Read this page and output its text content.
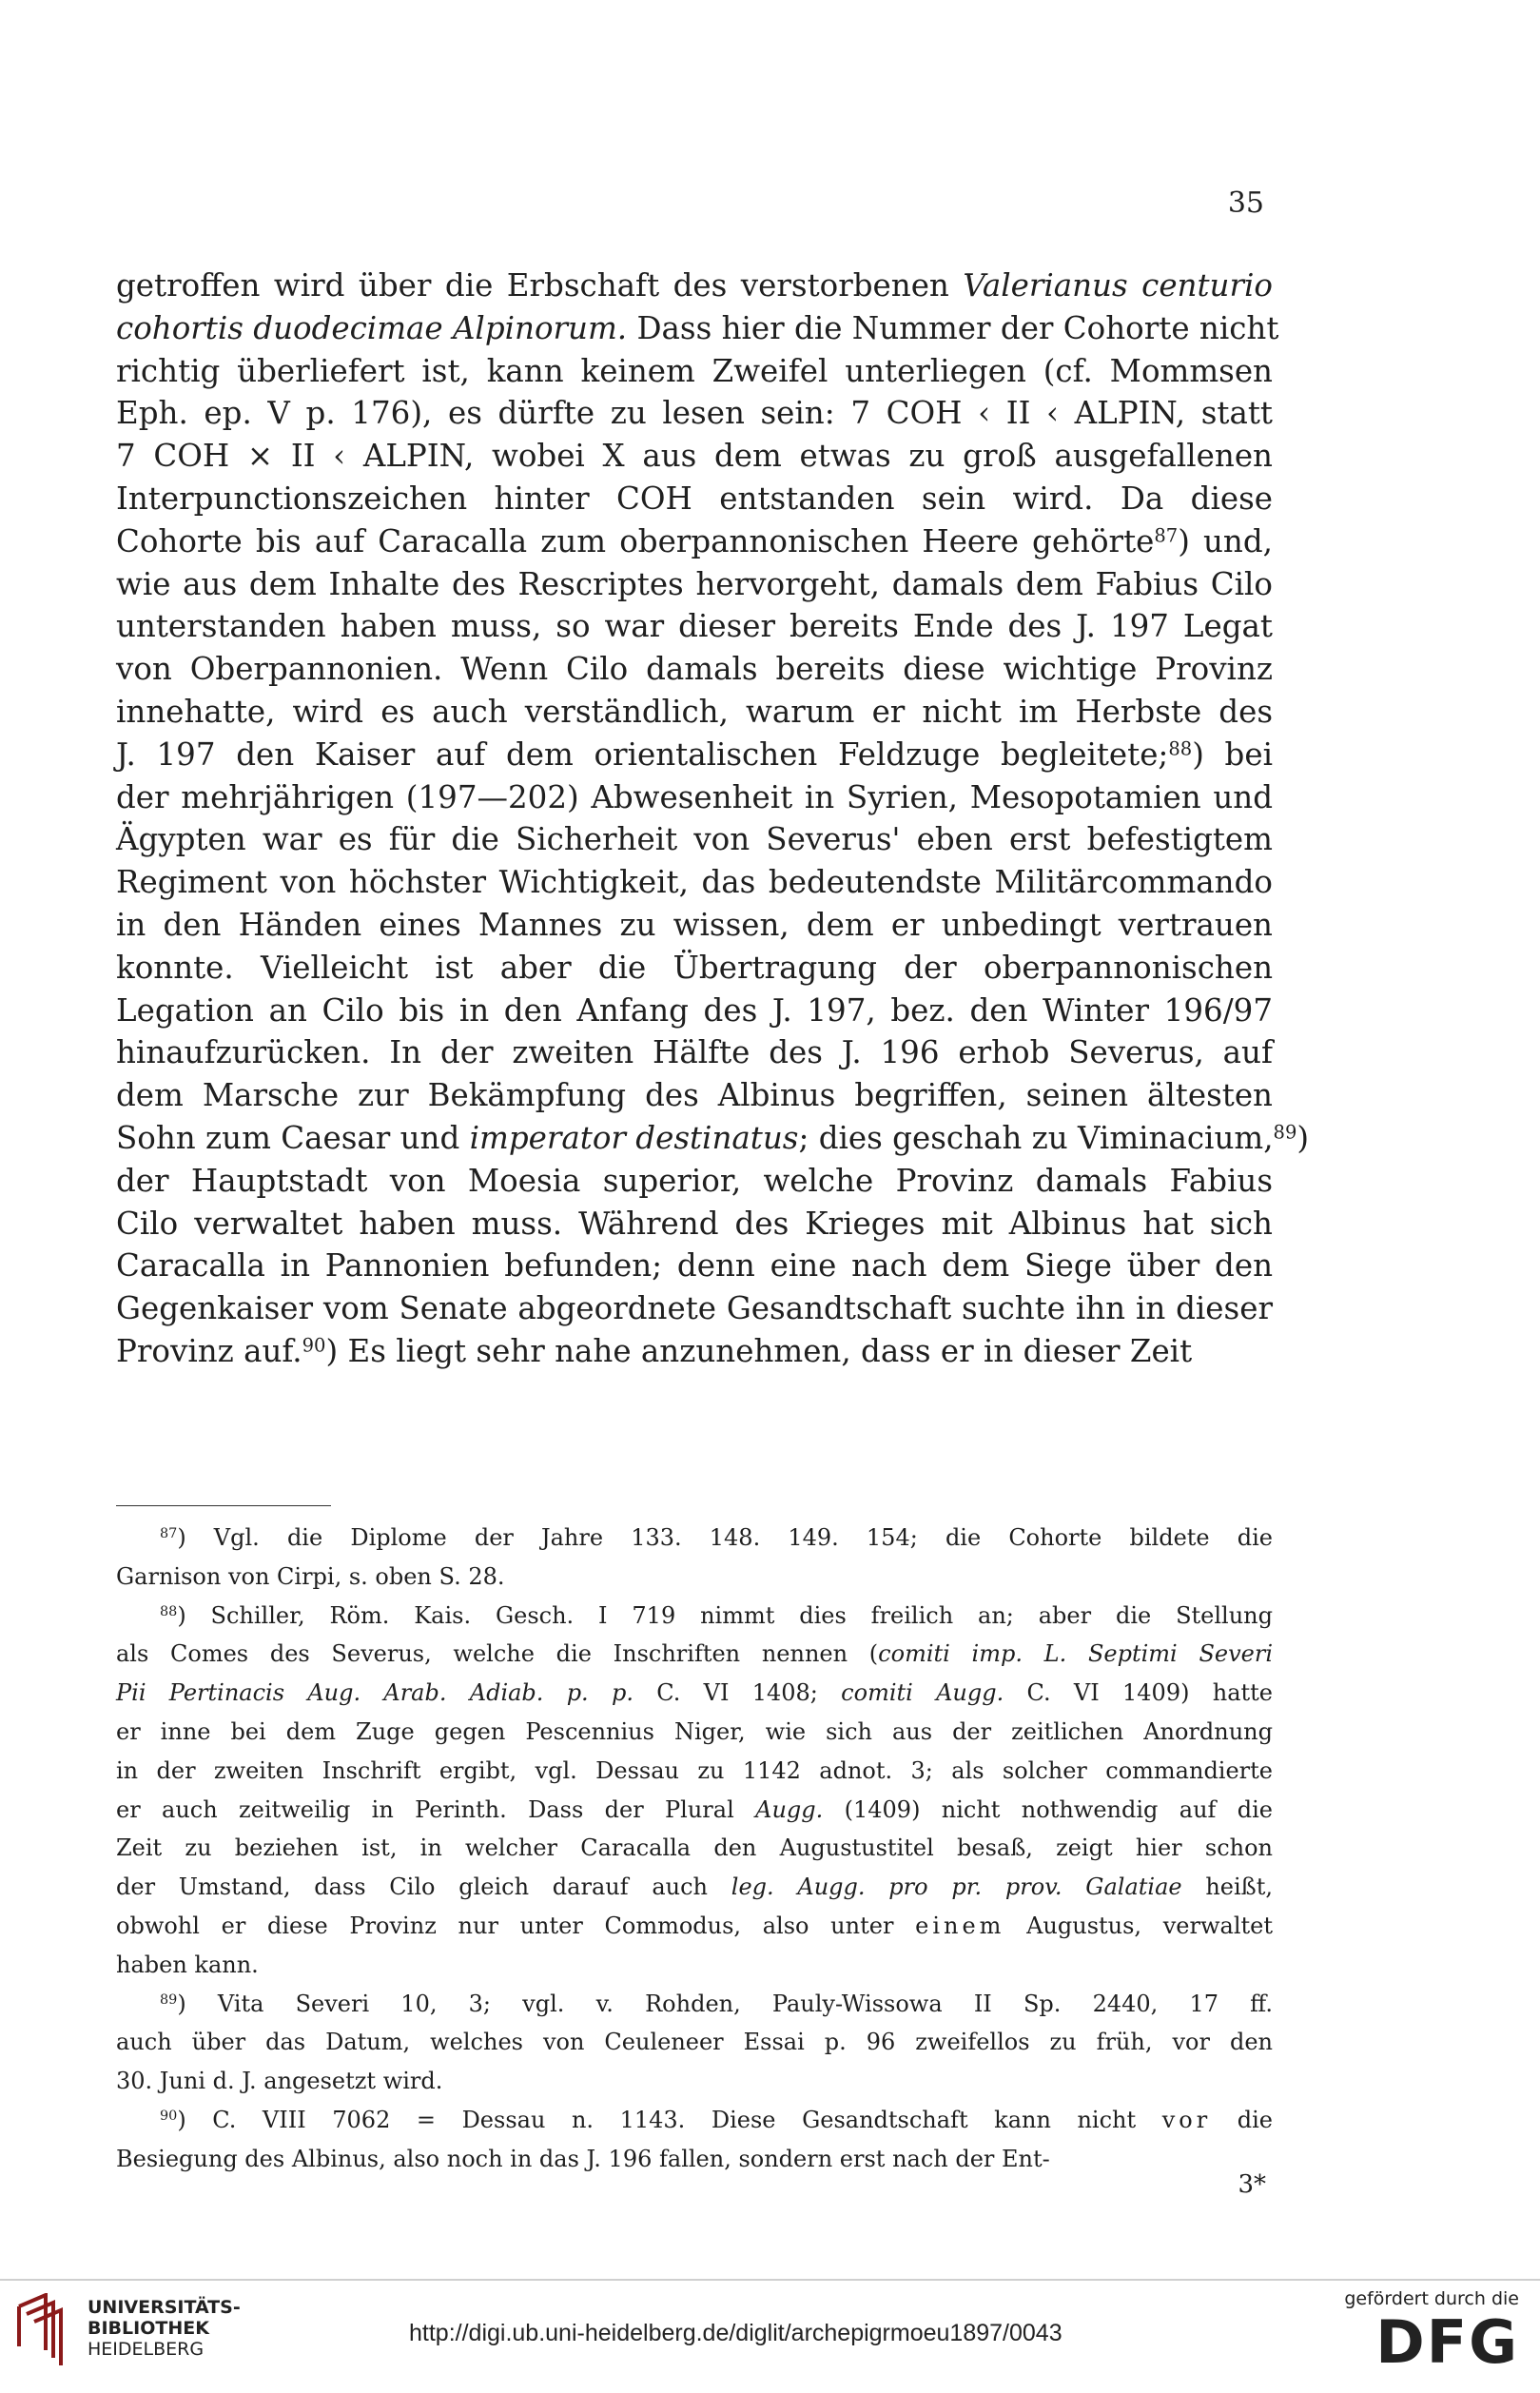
35
getroffen wird über die Erbschaft des verstorbenen Valerianus centurio
cohortis duodecimae Alpinorum. Dass hier die Nummer der Cohorte nicht
richtig überliefert ist, kann keinem Zweifel unterliegen (cf. Mommsen
Eph. ep. V p. 176), es dürfte zu lesen sein: 7 COH ‹ II ‹ ALPIN, statt
7 COH × II ‹ ALPIN, wobei X aus dem etwas zu groß ausgefallenen
Interpunctionszeichen hinter COH entstanden sein wird. Da diese
Cohorte bis auf Caracalla zum oberpannonischen Heere gehörte$^{87}$) und,
wie aus dem Inhalte des Rescriptes hervorgeht, damals dem Fabius Cilo
unterstanden haben muss, so war dieser bereits Ende des J. 197 Legat
von Oberpannonien. Wenn Cilo damals bereits diese wichtige Provinz
innehatte, wird es auch verständlich, warum er nicht im Herbste des
J. 197 den Kaiser auf dem orientalischen Feldzuge begleitete;$^{88}$) bei
der mehrjährigen (197—202) Abwesenheit in Syrien, Mesopotamien und
Ägypten war es für die Sicherheit von Severus' eben erst befestigtem
Regiment von höchster Wichtigkeit, das bedeutendste Militärcommando
in den Händen eines Mannes zu wissen, dem er unbedingt vertrauen
konnte. Vielleicht ist aber die Übertragung der oberpannonischen
Legation an Cilo bis in den Anfang des J. 197, bez. den Winter 196/97
hinaufzurücken. In der zweiten Hälfte des J. 196 erhob Severus, auf
dem Marsche zur Bekämpfung des Albinus begriffen, seinen ältesten
Sohn zum Caesar und imperator destinatus; dies geschah zu Viminacium,$^{89}$)
der Hauptstadt von Moesia superior, welche Provinz damals Fabius
Cilo verwaltet haben muss. Während des Krieges mit Albinus hat sich
Caracalla in Pannonien befunden; denn eine nach dem Siege über den
Gegenkaiser vom Senate abgeordnete Gesandtschaft suchte ihn in dieser
Provinz auf.$^{90}$) Es liegt sehr nahe anzunehmen, dass er in dieser Zeit
$^{87}$) Vgl. die Diplome der Jahre 133. 148. 149. 154; die Cohorte bildete die
Garnison von Cirpi, s. oben S. 28.
$^{88}$) Schiller, Röm. Kais. Gesch. I 719 nimmt dies freilich an; aber die Stellung
als Comes des Severus, welche die Inschriften nennen (comiti imp. L. Septimi Severi
Pii Pertinacis Aug. Arab. Adiab. p. p. C. VI 1408; comiti Augg. C. VI 1409) hatte
er inne bei dem Zuge gegen Pescennius Niger, wie sich aus der zeitlichen Anordnung
in der zweiten Inschrift ergibt, vgl. Dessau zu 1142 adnot. 3; als solcher commandierte
er auch zeitweilig in Perinth. Dass der Plural Augg. (1409) nicht nothwendig auf die
Zeit zu beziehen ist, in welcher Caracalla den Augustustitel besaß, zeigt hier schon
der Umstand, dass Cilo gleich darauf auch leg. Augg. pro pr. prov. Galatiae heißt,
obwohl er diese Provinz nur unter Commodus, also unter einem Augustus, verwaltet
haben kann.
$^{89}$) Vita Severi 10, 3; vgl. v. Rohden, Pauly-Wissowa II Sp. 2440, 17 ff.
auch über das Datum, welches von Ceuleneer Essai p. 96 zweifellos zu früh, vor den
30. Juni d. J. angesetzt wird.
$^{90}$) C. VIII 7062 = Dessau n. 1143. Diese Gesandtschaft kann nicht vor die
Besiegung des Albinus, also noch in das J. 196 fallen, sondern erst nach der Ent-
3*
UNIVERSITÄTS-
BIBLIOTHEK
HEIDELBERG
http://digi.ub.uni-heidelberg.de/diglit/archepigrmoeu1897/0043
gefördert durch die
DFG
